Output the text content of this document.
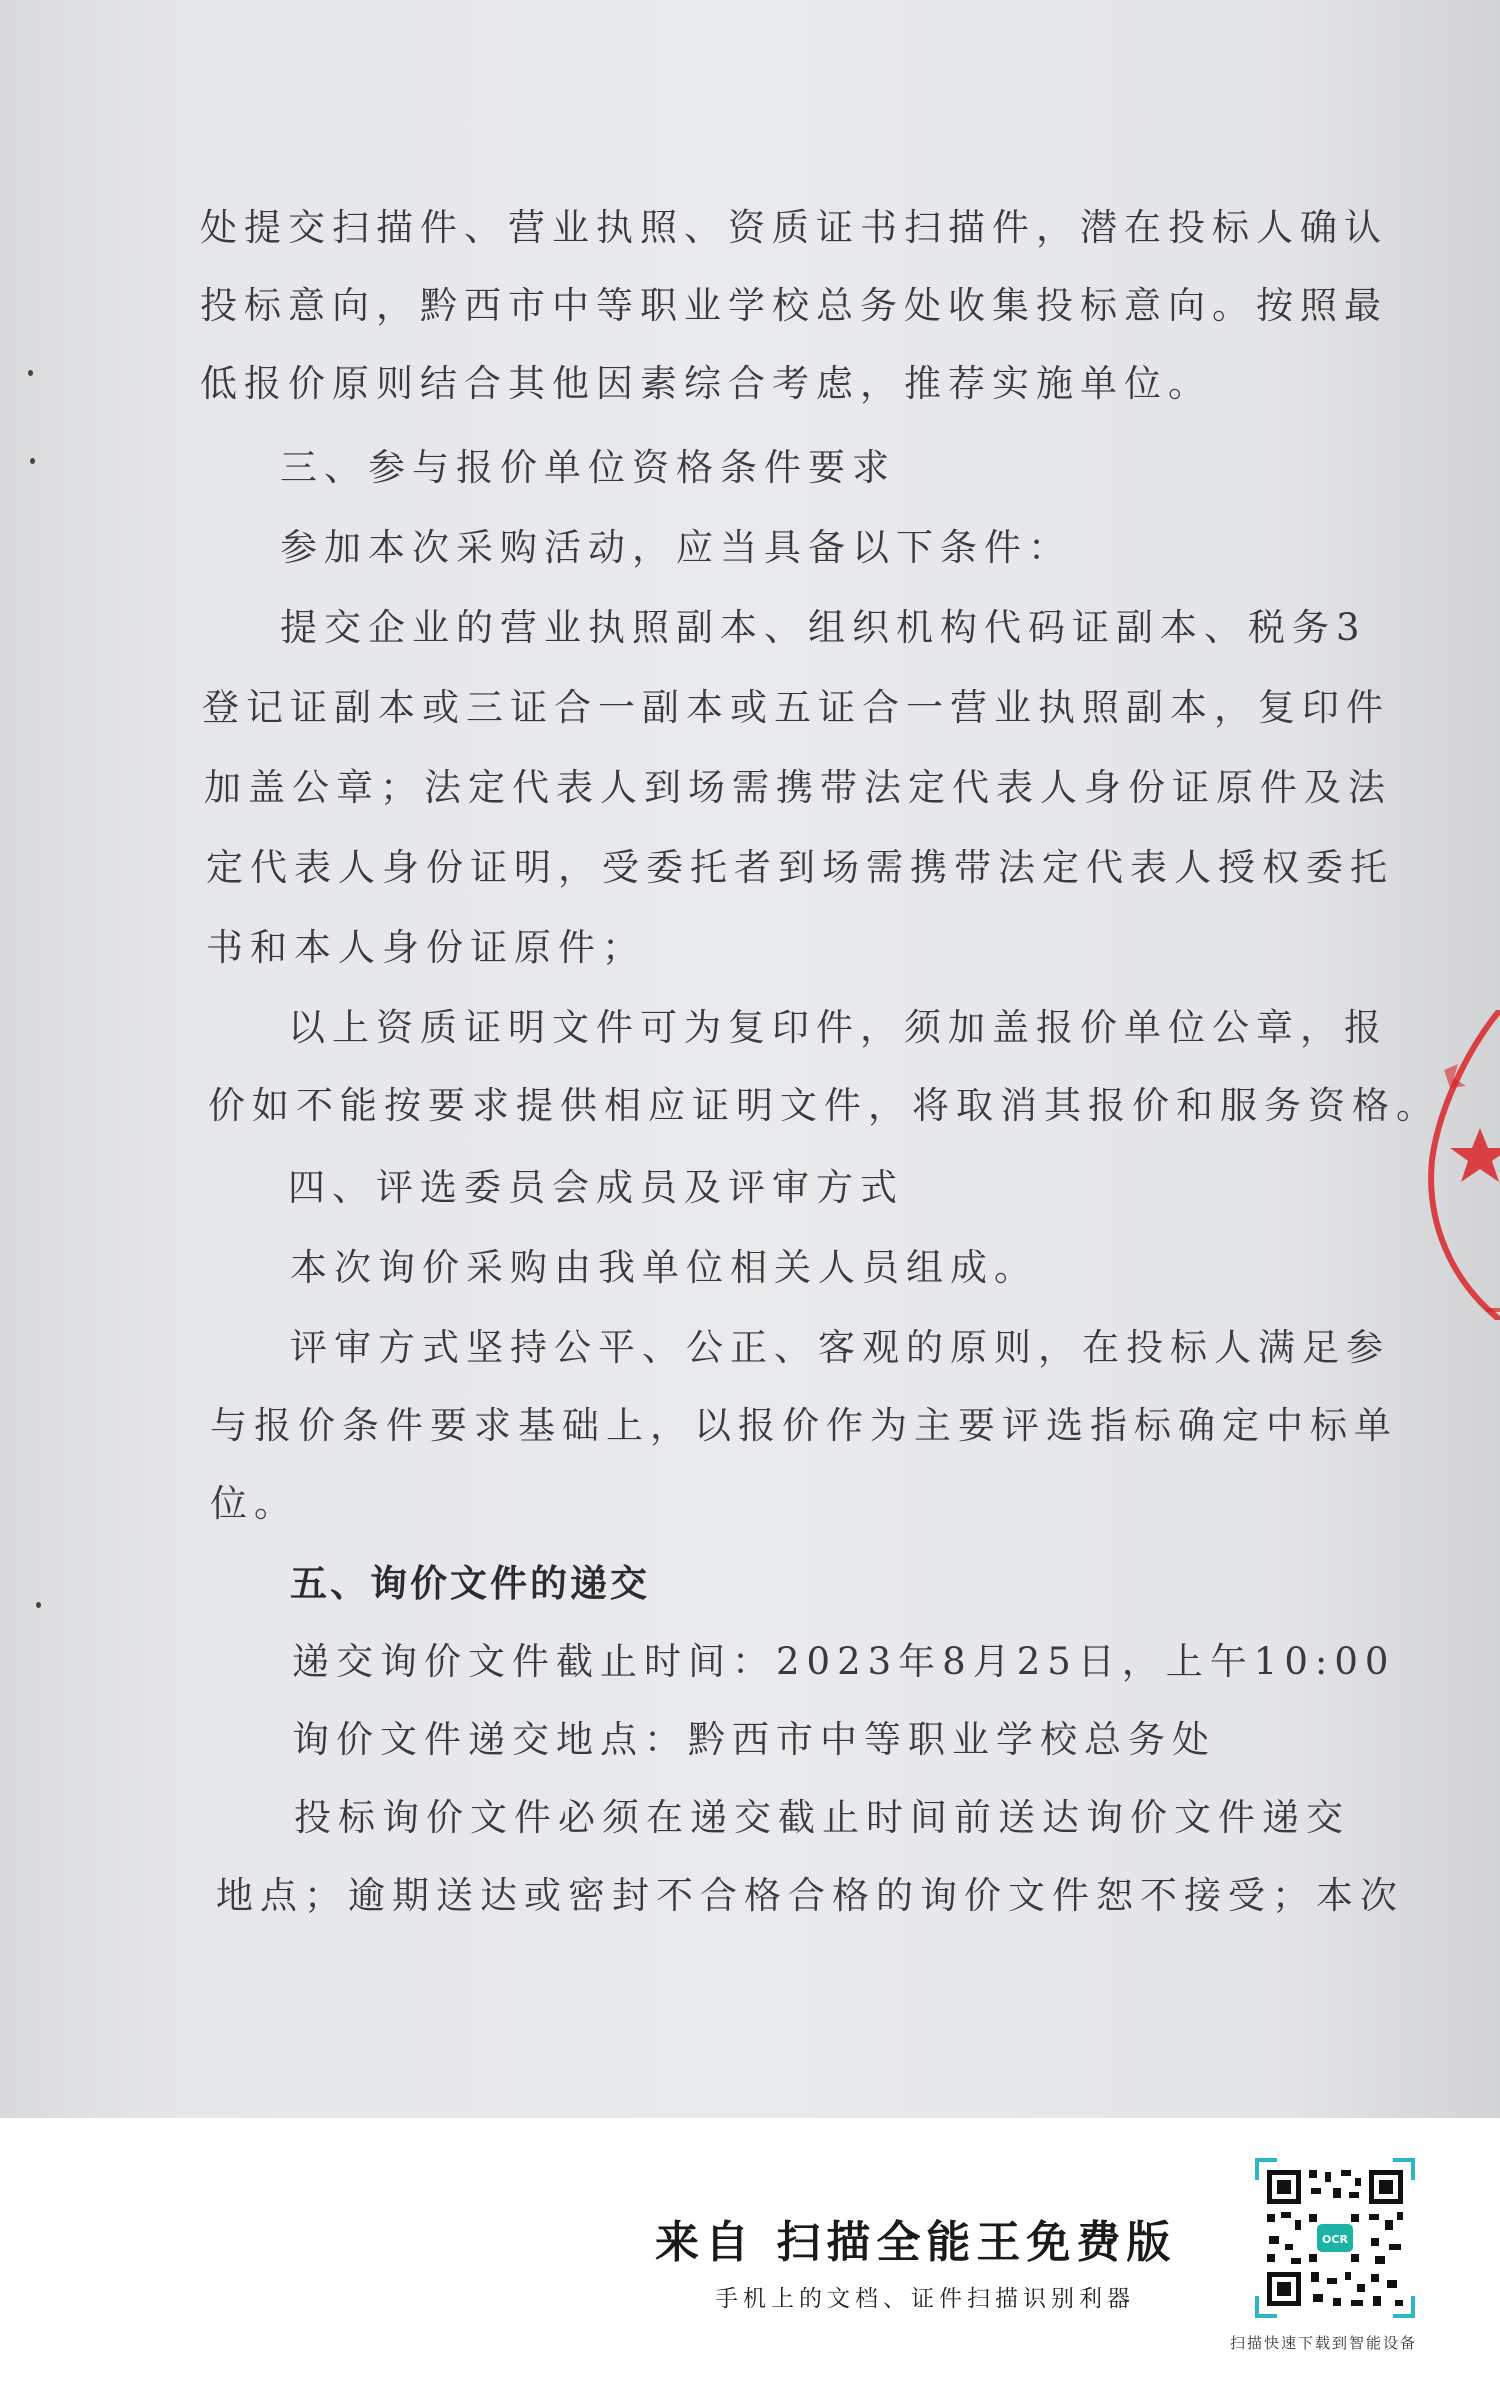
处提交扫描件、营业执照、资质证书扫描件，潜在投标人确认
投标意向，黔西市中等职业学校总务处收集投标意向。按照最
低报价原则结合其他因素综合考虑，推荐实施单位。
三、参与报价单位资格条件要求
参加本次采购活动，应当具备以下条件：
提交企业的营业执照副本、组织机构代码证副本、税务3
登记证副本或三证合一副本或五证合一营业执照副本，复印件
加盖公章；法定代表人到场需携带法定代表人身份证原件及法
定代表人身份证明，受委托者到场需携带法定代表人授权委托
书和本人身份证原件；
以上资质证明文件可为复印件，须加盖报价单位公章，报
价如不能按要求提供相应证明文件，将取消其报价和服务资格。
四、评选委员会成员及评审方式
本次询价采购由我单位相关人员组成。
评审方式坚持公平、公正、客观的原则，在投标人满足参
与报价条件要求基础上，以报价作为主要评选指标确定中标单
位。
五、询价文件的递交
递交询价文件截止时间：2023年8月25日，上午10:00
询价文件递交地点：黔西市中等职业学校总务处
投标询价文件必须在递交截止时间前送达询价文件递交
地点；逾期送达或密封不合格合格的询价文件恕不接受；本次
来自 扫描全能王免费版
手机上的文档、证件扫描识别利器
OCR
扫描快速下载到智能设备
